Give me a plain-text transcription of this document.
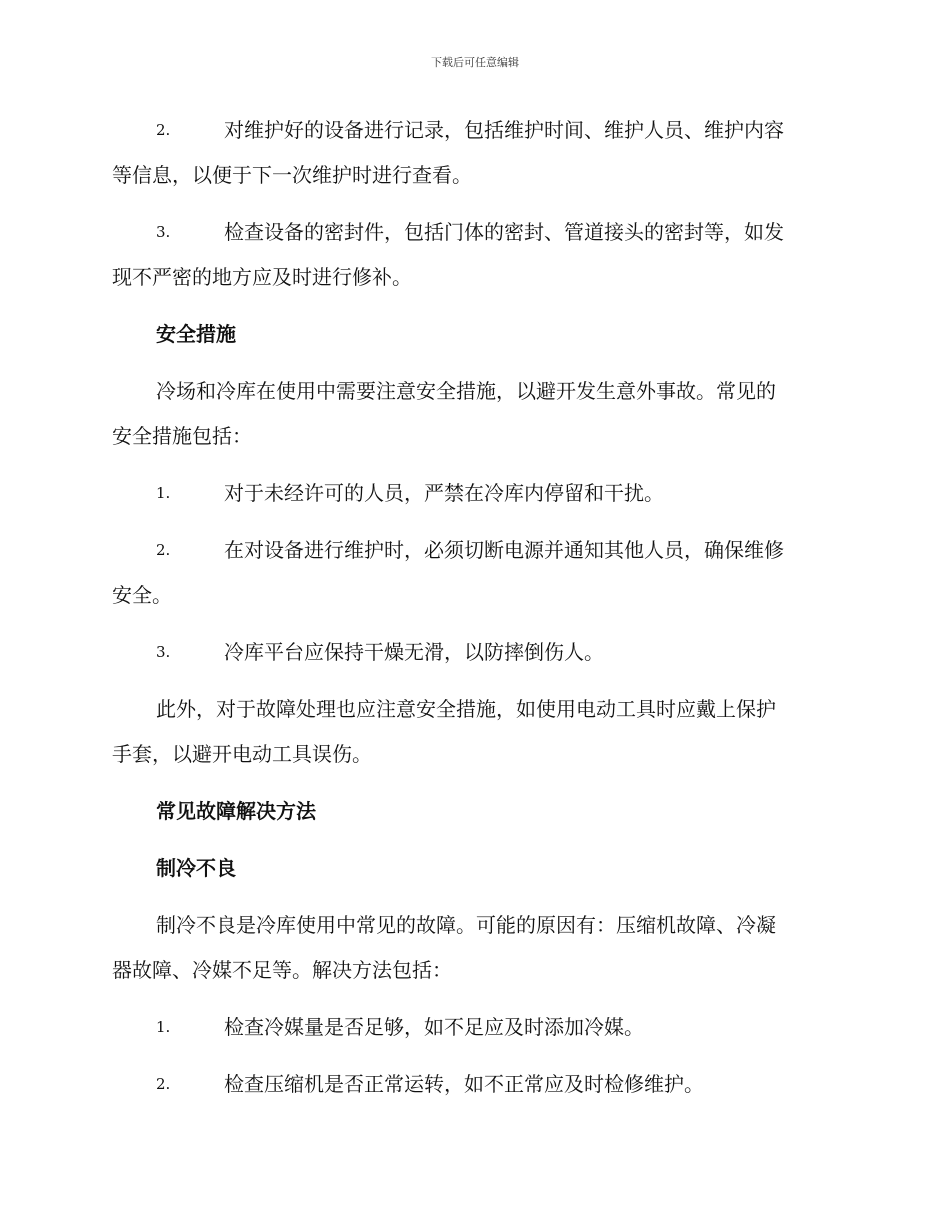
下载后可任意编辑
2.	对维护好的设备进行记录，包括维护时间、维护人员、维护内容
等信息，以便于下一次维护时进行查看。
3.	检查设备的密封件，包括门体的密封、管道接头的密封等，如发
现不严密的地方应及时进行修补。
安全措施
冷场和冷库在使用中需要注意安全措施，以避开发生意外事故。常见的
安全措施包括：
1.	对于未经许可的人员，严禁在冷库内停留和干扰。
2.	在对设备进行维护时，必须切断电源并通知其他人员，确保维修
安全。
3.	冷库平台应保持干燥无滑，以防摔倒伤人。
此外，对于故障处理也应注意安全措施，如使用电动工具时应戴上保护
手套，以避开电动工具误伤。
常见故障解决方法
制冷不良
制冷不良是冷库使用中常见的故障。可能的原因有：压缩机故障、冷凝
器故障、冷媒不足等。解决方法包括：
1.	检查冷媒量是否足够，如不足应及时添加冷媒。
2.	检查压缩机是否正常运转，如不正常应及时检修维护。
